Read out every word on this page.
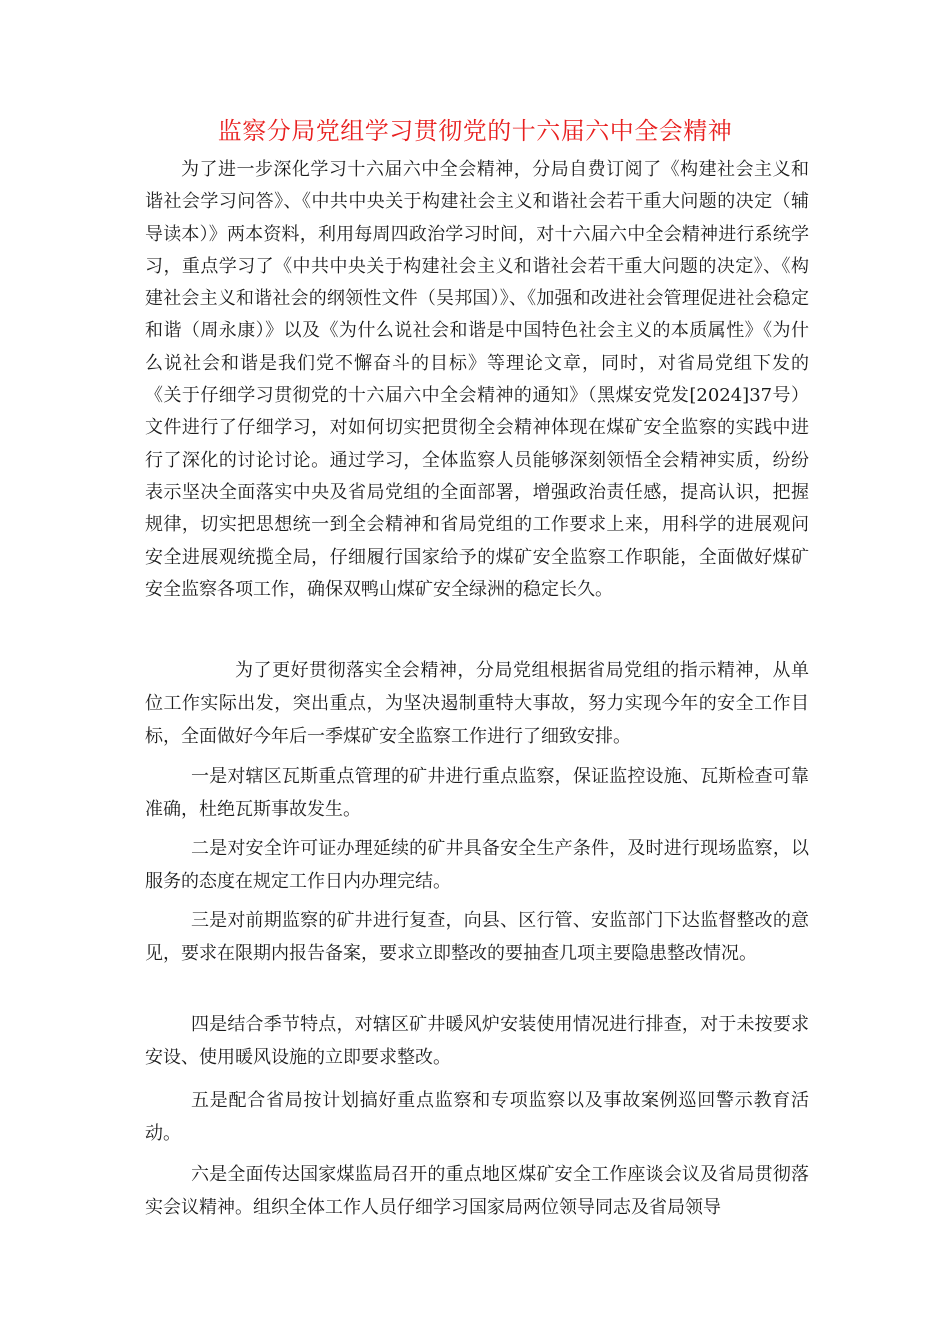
监察分局党组学习贯彻党的十六届六中全会精神

为了进一步深化学习十六届六中全会精神，分局自费订阅了《构建社会主义和谐社会学习问答》、《中共中央关于构建社会主义和谐社会若干重大问题的决定（辅导读本）》两本资料，利用每周四政治学习时间，对十六届六中全会精神进行系统学习，重点学习了《中共中央关于构建社会主义和谐社会若干重大问题的决定》、《构建社会主义和谐社会的纲领性文件（吴邦国）》、《加强和改进社会管理促进社会稳定和谐（周永康）》以及《为什么说社会和谐是中国特色社会主义的本质属性》《为什么说社会和谐是我们党不懈奋斗的目标》等理论文章，同时，对省局党组下发的《关于仔细学习贯彻党的十六届六中全会精神的通知》（黑煤安党发[2024]37号）文件进行了仔细学习，对如何切实把贯彻全会精神体现在煤矿安全监察的实践中进行了深化的讨论讨论。通过学习，全体监察人员能够深刻领悟全会精神实质，纷纷表示坚决全面落实中央及省局党组的全面部署，增强政治责任感，提高认识，把握规律，切实把思想统一到全会精神和省局党组的工作要求上来，用科学的进展观问安全进展观统揽全局，仔细履行国家给予的煤矿安全监察工作职能，全面做好煤矿安全监察各项工作，确保双鸭山煤矿安全绿洲的稳定长久。

为了更好贯彻落实全会精神，分局党组根据省局党组的指示精神，从单位工作实际出发，突出重点，为坚决遏制重特大事故，努力实现今年的安全工作目标，全面做好今年后一季煤矿安全监察工作进行了细致安排。

一是对辖区瓦斯重点管理的矿井进行重点监察，保证监控设施、瓦斯检查可靠准确，杜绝瓦斯事故发生。

二是对安全许可证办理延续的矿井具备安全生产条件，及时进行现场监察，以服务的态度在规定工作日内办理完结。

三是对前期监察的矿井进行复查，向县、区行管、安监部门下达监督整改的意见，要求在限期内报告备案，要求立即整改的要抽查几项主要隐患整改情况。

四是结合季节特点，对辖区矿井暖风炉安装使用情况进行排查，对于未按要求安设、使用暖风设施的立即要求整改。

五是配合省局按计划搞好重点监察和专项监察以及事故案例巡回警示教育活动。

六是全面传达国家煤监局召开的重点地区煤矿安全工作座谈会议及省局贯彻落实会议精神。组织全体工作人员仔细学习国家局两位领导同志及省局领导
